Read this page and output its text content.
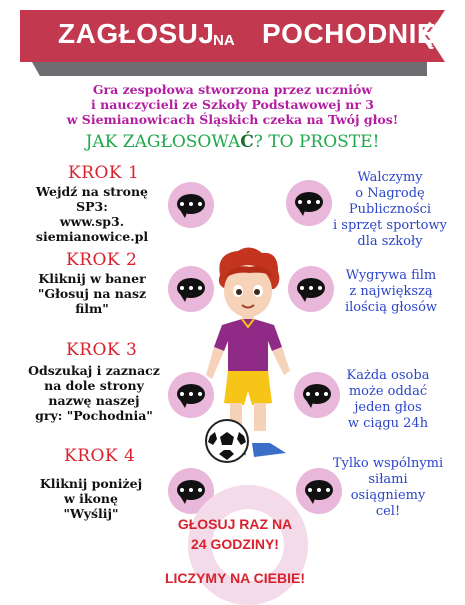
ZAGŁOSUJ
NA POCHODNIĘ
Gra zespołowa stworzona przez uczniów
i nauczycieli ze Szkoły Podstawowej nr 3
w Siemianowicach Śląskich czeka na Twój głos!
JAK ZAGŁOSOWAĆ? TO PROSTE!
KROK 1
Wejdź na stronę SP3:
www.sp3.
siemianowice.pl
KROK 2
Kliknij w baner
"Głosuj na nasz
film"
KROK 3
Odszukaj i zaznacz
na dole strony
nazwę naszej
gry: "Pochodnia"
KROK 4
Kliknij poniżej
w ikonę
"Wyślij"
Walczymy
o Nagrodę
Publiczności
i sprzęt sportowy
dla szkoły
Wygrywa film
z największą
ilością głosów
Każda osoba
może oddać
jeden głos
w ciągu 24h
Tylko wspólnymi
siłami
osiągniemy
cel!
GŁOSUJ RAZ NA
24 GODZINY!
LICZYMY NA CIEBIE!
